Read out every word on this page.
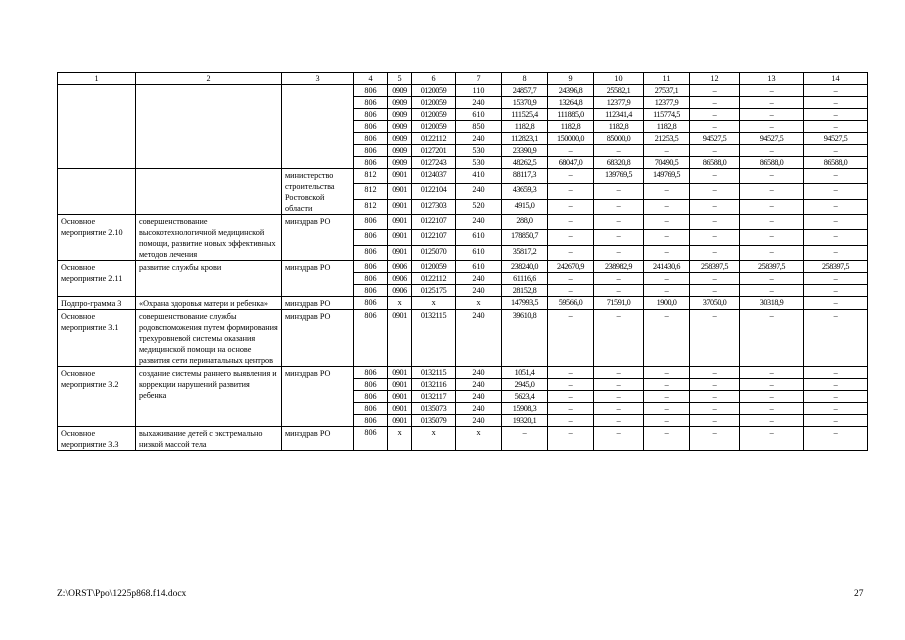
1	2	3	4	5	6	7	8	9	10	11	12	13	14
			806	0909	0120059	110	24857,7	24396,8	25582,1	27537,1	–	–	–
			806	0909	0120059	240	15370,9	13264,8	12377,9	12377,9	–	–	–
			806	0909	0120059	610	111525,4	111885,0	112341,4	115774,5	–	–	–
			806	0909	0120059	850	1182,8	1182,8	1182,8	1182,8	–	–	–
			806	0909	0122112	240	112823,1	150000,0	85000,0	21253,5	94527,5	94527,5	94527,5
			806	0909	0127201	530	23390,9	–	–	–	–	–	–
			806	0909	0127243	530	48262,5	68047,0	68320,8	70490,5	86588,0	86588,0	86588,0
		министерство строительства Ростовской области	812	0901	0124037	410	88117,3	–	139769,5	149769,5	–	–	–
			812	0901	0122104	240	43659,3	–	–	–	–	–	–
			812	0901	0127303	520	4915,0	–	–	–	–	–	–
Основное мероприятие 2.10	совершенствование высокотехнологичной медицинской помощи, развитие новых эффективных методов лечения	минздрав РО	806	0901	0122107	240	288,0	–	–	–	–	–	–
			806	0901	0122107	610	178850,7	–	–	–	–	–	–
			806	0901	0125070	610	35817,2	–	–	–	–	–	–
Основное мероприятие 2.11	развитие службы крови	минздрав РО	806	0906	0120059	610	238240,0	242670,9	238982,9	241430,6	258397,5	258397,5	258397,5
			806	0906	0122112	240	61116,6	–	–	–	–	–	–
			806	0906	0125175	240	28152,8	–	–	–	–	–	–
Подпро-грамма 3	«Охрана здоровья матери и ребенка»	минздрав РО	806	х	х	х	147993,5	59566,0	71591,0	1900,0	37050,0	30318,9	–
Основное мероприятие 3.1	совершенствование службы родовспоможения путем формирования трехуровневой системы оказания медицинской помощи на основе развития сети перинатальных центров	минздрав РО	806	0901	0132115	240	39610,8	–	–	–	–	–	–
Основное мероприятие 3.2	создание системы раннего выявления и коррекции нарушений развития ребенка	минздрав РО	806	0901	0132115	240	1051,4	–	–	–	–	–	–
			806	0901	0132116	240	2945,0	–	–	–	–	–	–
			806	0901	0132117	240	5623,4	–	–	–	–	–	–
			806	0901	0135073	240	15908,3	–	–	–	–	–	–
			806	0901	0135079	240	19320,1	–	–	–	–	–	–
Основное мероприятие 3.3	выхаживание детей с экстремально низкой массой тела	минздрав РО	806	х	х	х	–	–	–	–	–	–	–
Z:\ORST\Ppo\1225p868.f14.docx	27
